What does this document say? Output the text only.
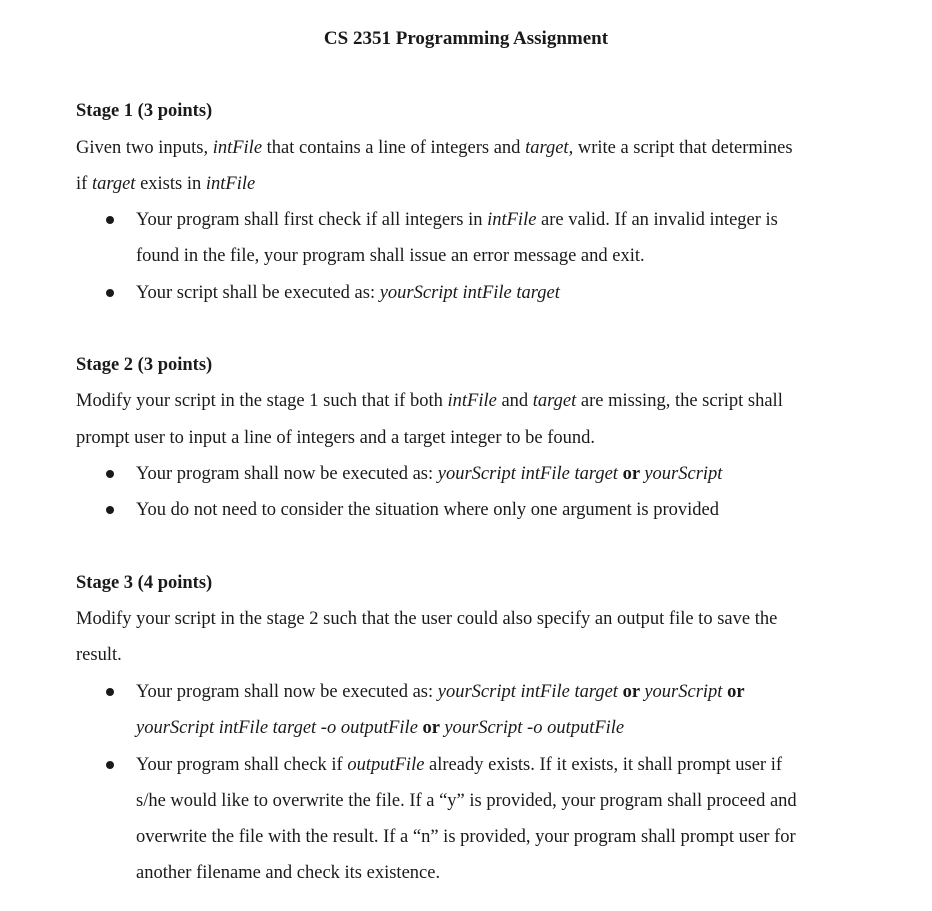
CS 2351 Programming Assignment
Stage 1 (3 points)
Given two inputs, intFile that contains a line of integers and target, write a script that determines
if target exists in intFile
Your program shall first check if all integers in intFile are valid. If an invalid integer is
found in the file, your program shall issue an error message and exit.
Your script shall be executed as: yourScript intFile target
Stage 2 (3 points)
Modify your script in the stage 1 such that if both intFile and target are missing, the script shall
prompt user to input a line of integers and a target integer to be found.
Your program shall now be executed as: yourScript intFile target or yourScript
You do not need to consider the situation where only one argument is provided
Stage 3 (4 points)
Modify your script in the stage 2 such that the user could also specify an output file to save the
result.
Your program shall now be executed as: yourScript intFile target or yourScript or
yourScript intFile target -o outputFile or yourScript -o outputFile
Your program shall check if outputFile already exists. If it exists, it shall prompt user if
s/he would like to overwrite the file. If a “y” is provided, your program shall proceed and
overwrite the file with the result. If a “n” is provided, your program shall prompt user for
another filename and check its existence.
